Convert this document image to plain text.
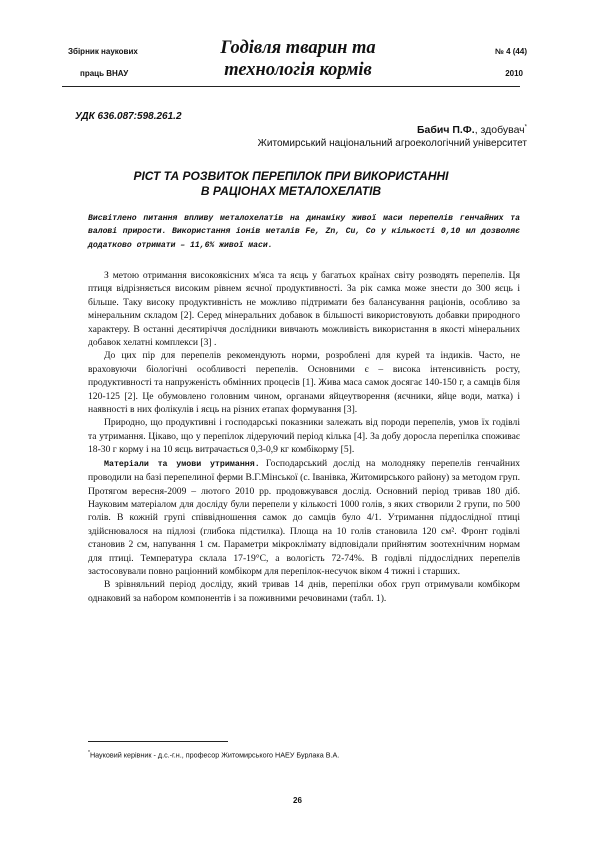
Збірник наукових
праць ВНАУ
Годівля тварин та
технологія кормів
№ 4 (44)
2010
УДК 636.087:598.261.2
Бабич П.Ф., здобувач*
Житомирський національний агроекологічний університет
РІСТ ТА РОЗВИТОК ПЕРЕПІЛОК ПРИ ВИКОРИСТАННІ
В РАЦІОНАХ МЕТАЛОХЕЛАТІВ
Висвітлено питання впливу металохелатів на динаміку живої маси перепелів генчайних та валові прирости. Використання іонів металів Fe, Zn, Cu, Co у кількості 0,10 мл дозволяє додатково отримати – 11,6% живої маси.

З метою отримання високоякісних м'яса та яєць у багатьох країнах світу розводять перепелів. Ця птиця відрізняється високим рівнем яєчної продуктивності. За рік самка може знести до 300 яєць і більше. Таку високу продуктивність не можливо підтримати без балансування раціонів, особливо за мінеральним складом [2]. Серед мінеральних добавок в більшості використовують добавки природного характеру. В останні десятиріччя дослідники вивчають можливість використання в якості мінеральних добавок хелатні комплекси [3] .

До цих пір для перепелів рекомендують норми, розроблені для курей та індиків. Часто, не враховуючи біологічні особливості перепелів. Основними є – висока інтенсивність росту, продуктивності та напруженість обмінних процесів [1]. Жива маса самок досягає 140-150 г, а самців біля 120-125 [2]. Це обумовлено головним чином, органами яйцеутворення (яєчники, яйце води, матка) і наявності в них фолікулів і яєць на різних етапах формування [3].

Природно, що продуктивні і господарські показники залежать від породи перепелів, умов їх годівлі та утримання. Цікаво, що у перепілок лідеруючий період кілька [4]. За добу доросла перепілка споживає 18-30 г корму і на 10 яєць витрачається 0,3-0,9 кг комбікорму [5].

Матеріали та умови утримання. Господарський дослід на молодняку перепелів генчайних проводили на базі перепелиної ферми В.Г.Мінської (с. Іванівка, Житомирського району) за методом груп. Протягом вересня-2009 – лютого 2010 рр. продовжувався дослід. Основний період тривав 180 діб. Науковим матеріалом для досліду були перепели у кількості 1000 голів, з яких створили 2 групи, по 500 голів. В кожній групі співвідношення самок до самців було 4/1. Утримання піддослідної птиці здійснювалося на підлозі (глибока підстилка). Площа на 10 голів становила 120 см². Фронт годівлі становив 2 см, напування 1 см. Параметри мікроклімату відповідали прийнятим зоотехнічним нормам для птиці. Температура склала 17-19°С, а вологість 72-74%. В годівлі піддослідних перепелів застосовували повно раціонний комбікорм для перепілок-несучок віком 4 тижні і старших.

В зрівняльний період досліду, який тривав 14 днів, перепілки обох груп отримували комбікорм однаковий за набором компонентів і за поживними речовинами (табл. 1).

*Науковий керівник - д.с.-г.н., професор Житомирського НАЕУ Бурлака В.А.
26
